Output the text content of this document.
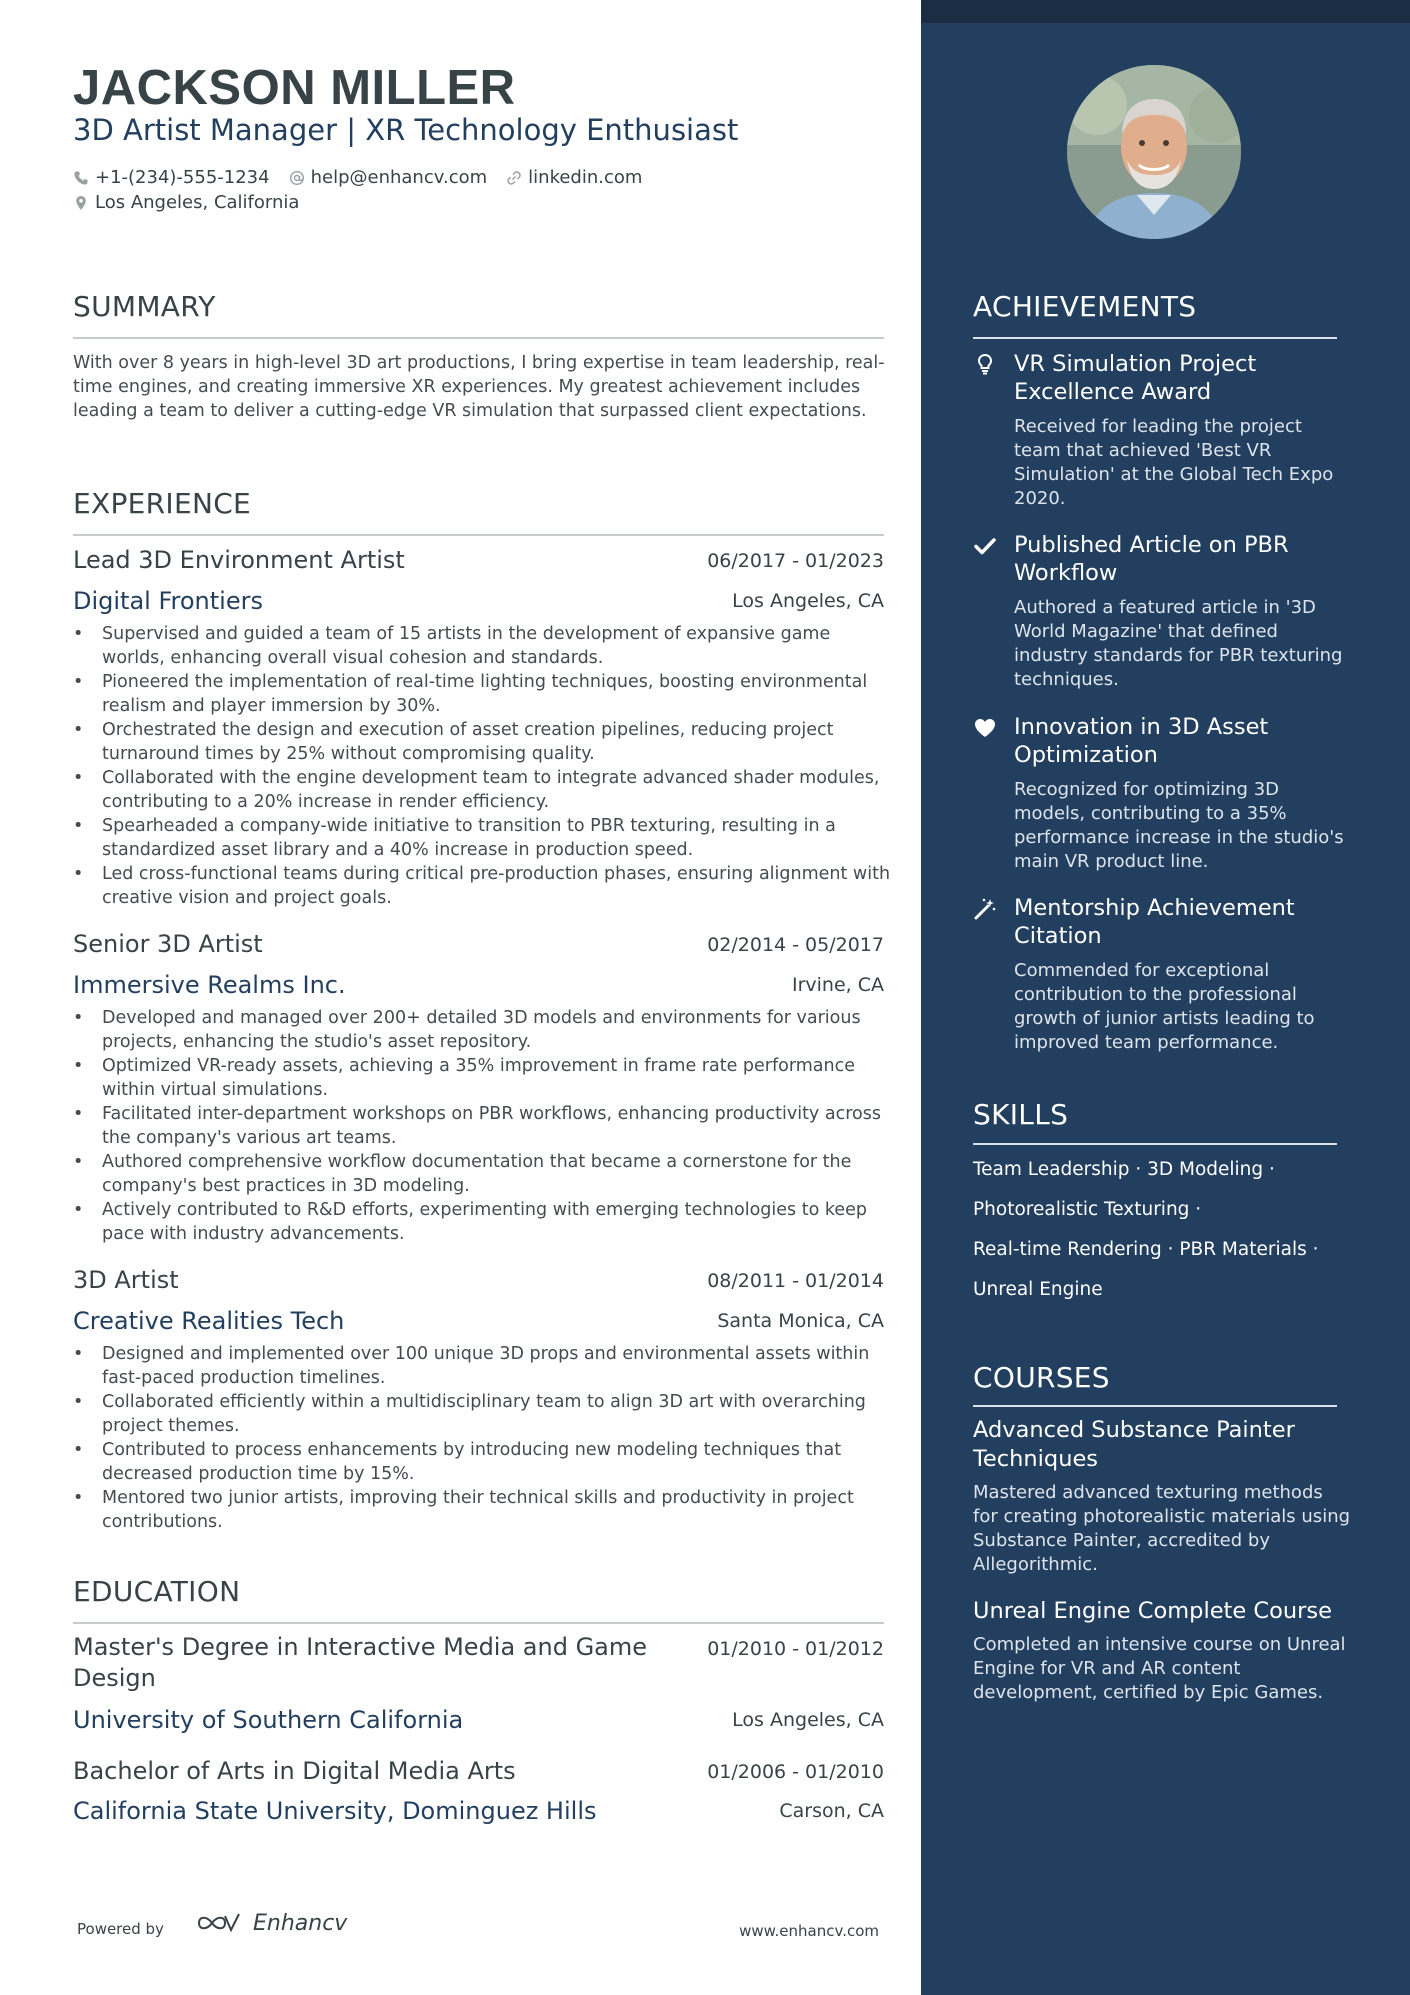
JACKSON MILLER
3D Artist Manager | XR Technology Enthusiast
+1-(234)-555-1234 help@enhancv.com linkedin.com
Los Angeles, California
SUMMARY
With over 8 years in high-level 3D art productions, I bring expertise in team leadership, real-time engines, and creating immersive XR experiences. My greatest achievement includes leading a team to deliver a cutting-edge VR simulation that surpassed client expectations.
EXPERIENCE
Lead 3D Environment Artist	06/2017 - 01/2023
Digital Frontiers	Los Angeles, CA
• Supervised and guided a team of 15 artists in the development of expansive game worlds, enhancing overall visual cohesion and standards.
• Pioneered the implementation of real-time lighting techniques, boosting environmental realism and player immersion by 30%.
• Orchestrated the design and execution of asset creation pipelines, reducing project turnaround times by 25% without compromising quality.
• Collaborated with the engine development team to integrate advanced shader modules, contributing to a 20% increase in render efficiency.
• Spearheaded a company-wide initiative to transition to PBR texturing, resulting in a standardized asset library and a 40% increase in production speed.
• Led cross-functional teams during critical pre-production phases, ensuring alignment with creative vision and project goals.
Senior 3D Artist	02/2014 - 05/2017
Immersive Realms Inc.	Irvine, CA
• Developed and managed over 200+ detailed 3D models and environments for various projects, enhancing the studio's asset repository.
• Optimized VR-ready assets, achieving a 35% improvement in frame rate performance within virtual simulations.
• Facilitated inter-department workshops on PBR workflows, enhancing productivity across the company's various art teams.
• Authored comprehensive workflow documentation that became a cornerstone for the company's best practices in 3D modeling.
• Actively contributed to R&D efforts, experimenting with emerging technologies to keep pace with industry advancements.
3D Artist	08/2011 - 01/2014
Creative Realities Tech	Santa Monica, CA
• Designed and implemented over 100 unique 3D props and environmental assets within fast-paced production timelines.
• Collaborated efficiently within a multidisciplinary team to align 3D art with overarching project themes.
• Contributed to process enhancements by introducing new modeling techniques that decreased production time by 15%.
• Mentored two junior artists, improving their technical skills and productivity in project contributions.
EDUCATION
Master's Degree in Interactive Media and Game Design
01/2010 - 01/2012
University of Southern California	Los Angeles, CA
Bachelor of Arts in Digital Media Arts	01/2006 - 01/2010
California State University, Dominguez Hills	Carson, CA
Powered by	Enhancv	www.enhancv.com
ACHIEVEMENTS
VR Simulation Project Excellence Award
Received for leading the project team that achieved 'Best VR Simulation' at the Global Tech Expo 2020.
Published Article on PBR Workflow
Authored a featured article in '3D World Magazine' that defined industry standards for PBR texturing techniques.
Innovation in 3D Asset Optimization
Recognized for optimizing 3D models, contributing to a 35% performance increase in the studio's main VR product line.
Mentorship Achievement Citation
Commended for exceptional contribution to the professional growth of junior artists leading to improved team performance.
SKILLS
Team Leadership · 3D Modeling ·
Photorealistic Texturing ·
Real-time Rendering · PBR Materials ·
Unreal Engine
COURSES
Advanced Substance Painter Techniques
Mastered advanced texturing methods for creating photorealistic materials using Substance Painter, accredited by Allegorithmic.
Unreal Engine Complete Course
Completed an intensive course on Unreal Engine for VR and AR content development, certified by Epic Games.
